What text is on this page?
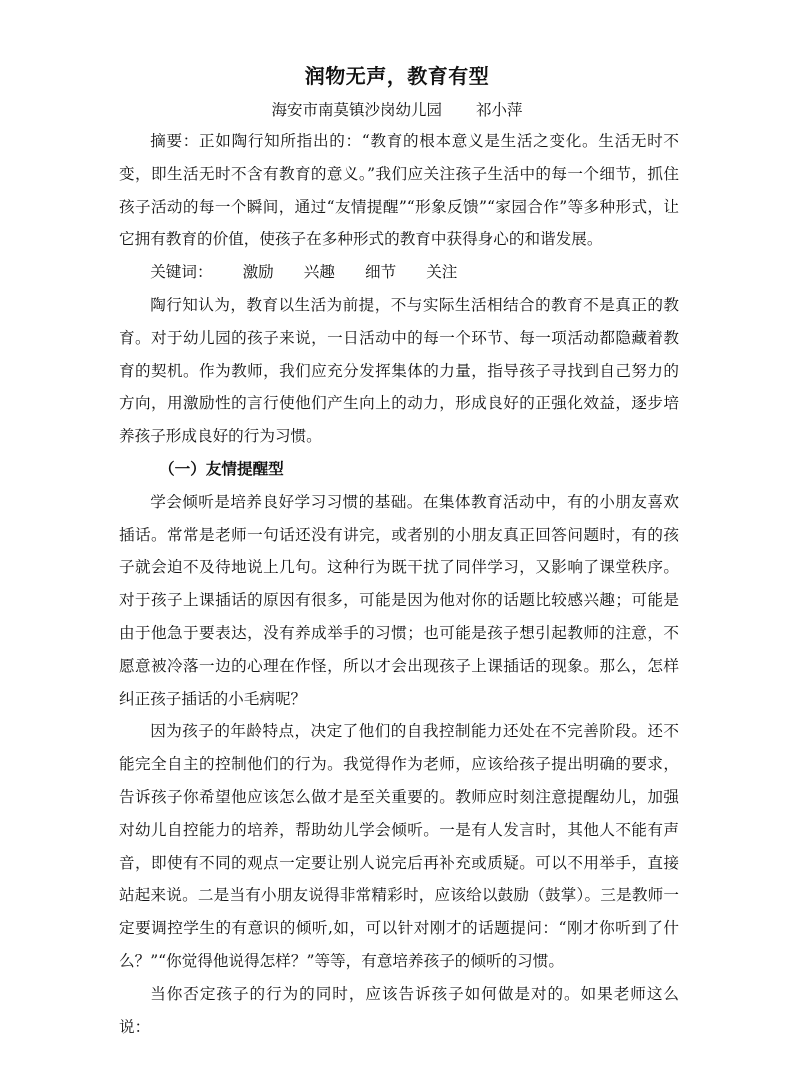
润物无声，教育有型
海安市南莫镇沙岗幼儿园 祁小萍

摘要：正如陶行知所指出的：“教育的根本意义是生活之变化。生活无时不变，即生活无时不含有教育的意义。”我们应关注孩子生活中的每一个细节，抓住孩子活动的每一个瞬间，通过“友情提醒”“形象反馈”“家园合作”等多种形式，让它拥有教育的价值，使孩子在多种形式的教育中获得身心的和谐发展。

关键词： 激励 兴趣 细节 关注

陶行知认为，教育以生活为前提，不与实际生活相结合的教育不是真正的教育。对于幼儿园的孩子来说，一日活动中的每一个环节、每一项活动都隐藏着教育的契机。作为教师，我们应充分发挥集体的力量，指导孩子寻找到自己努力的方向，用激励性的言行使他们产生向上的动力，形成良好的正强化效益，逐步培养孩子形成良好的行为习惯。

（一）友情提醒型

学会倾听是培养良好学习习惯的基础。在集体教育活动中，有的小朋友喜欢插话。常常是老师一句话还没有讲完，或者别的小朋友真正回答问题时，有的孩子就会迫不及待地说上几句。这种行为既干扰了同伴学习，又影响了课堂秩序。对于孩子上课插话的原因有很多，可能是因为他对你的话题比较感兴趣；可能是由于他急于要表达，没有养成举手的习惯；也可能是孩子想引起教师的注意，不愿意被冷落一边的心理在作怪，所以才会出现孩子上课插话的现象。那么，怎样纠正孩子插话的小毛病呢？

因为孩子的年龄特点，决定了他们的自我控制能力还处在不完善阶段。还不能完全自主的控制他们的行为。我觉得作为老师，应该给孩子提出明确的要求，告诉孩子你希望他应该怎么做才是至关重要的。教师应时刻注意提醒幼儿，加强对幼儿自控能力的培养，帮助幼儿学会倾听。一是有人发言时，其他人不能有声音，即使有不同的观点一定要让别人说完后再补充或质疑。可以不用举手，直接站起来说。二是当有小朋友说得非常精彩时，应该给以鼓励（鼓掌）。三是教师一定要调控学生的有意识的倾听,如，可以针对刚才的话题提问：“刚才你听到了什么？”“你觉得他说得怎样？”等等，有意培养孩子的倾听的习惯。

当你否定孩子的行为的同时，应该告诉孩子如何做是对的。如果老师这么说：
